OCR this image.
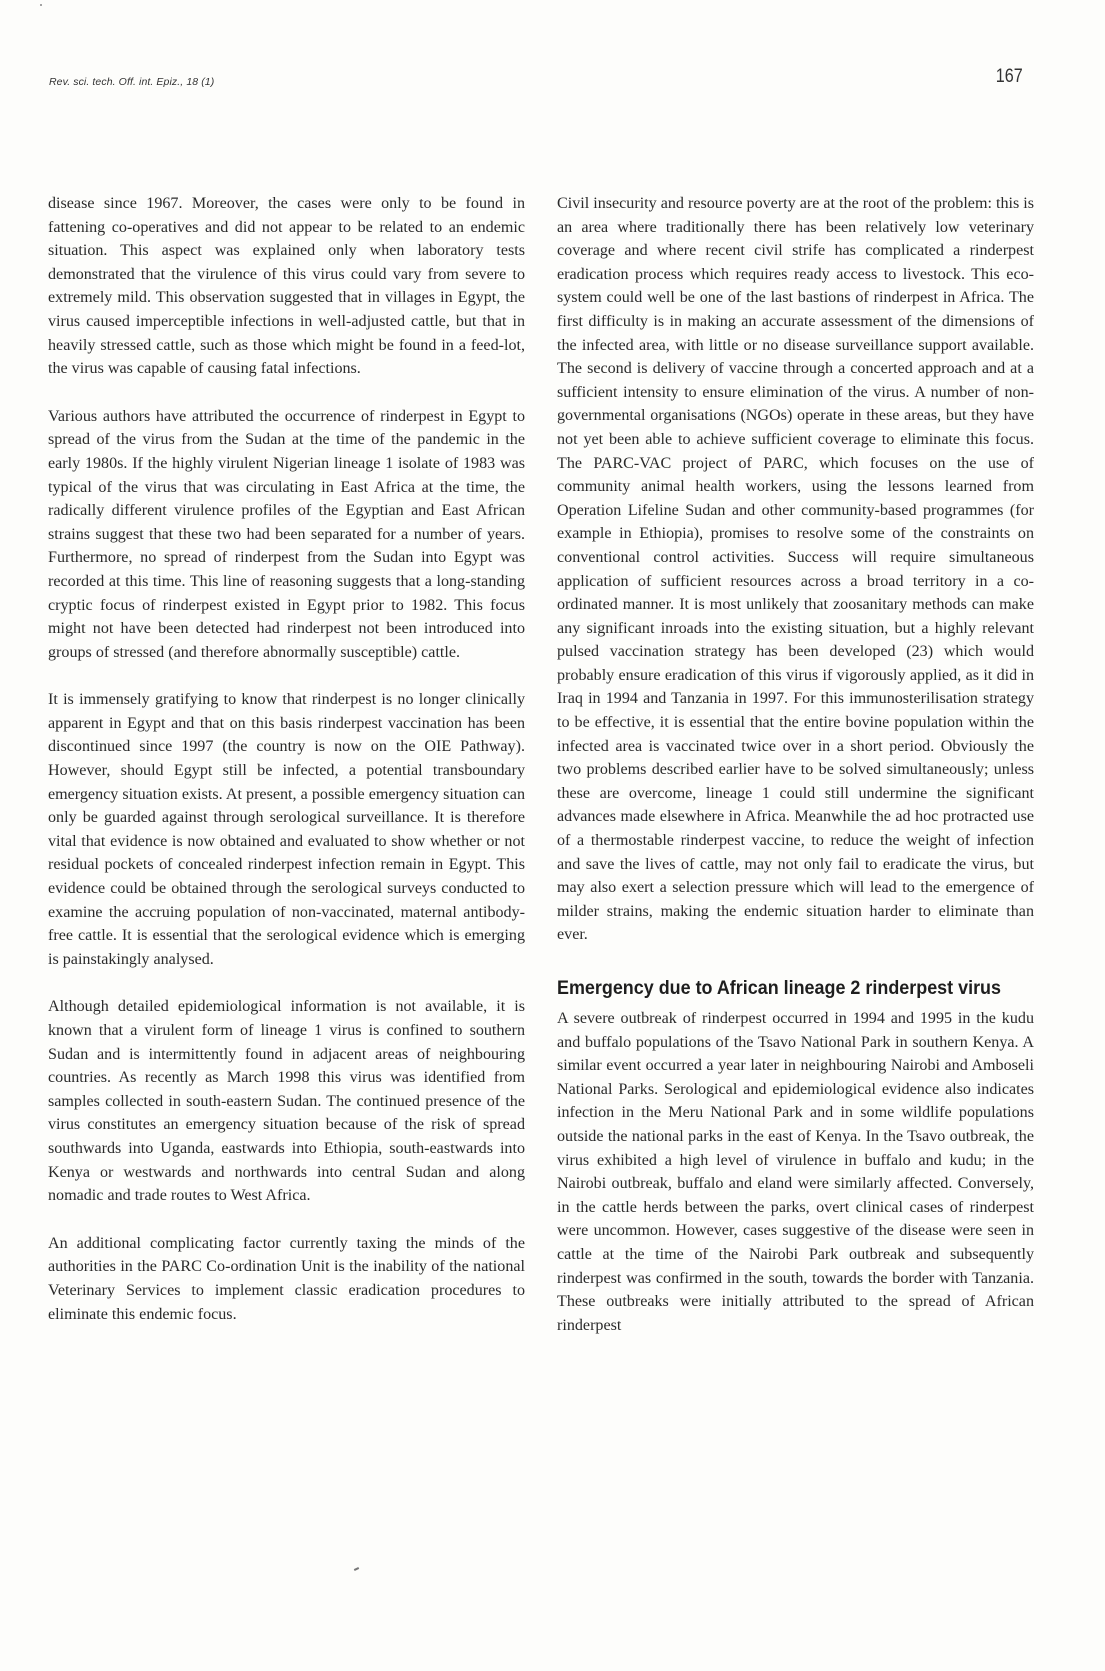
Rev. sci. tech. Off. int. Epiz., 18 (1)	167

disease since 1967. Moreover, the cases were only to be found in fattening co-operatives and did not appear to be related to an endemic situation. This aspect was explained only when laboratory tests demonstrated that the virulence of this virus could vary from severe to extremely mild. This observation suggested that in villages in Egypt, the virus caused imperceptible infections in well-adjusted cattle, but that in heavily stressed cattle, such as those which might be found in a feed-lot, the virus was capable of causing fatal infections.

Various authors have attributed the occurrence of rinderpest in Egypt to spread of the virus from the Sudan at the time of the pandemic in the early 1980s. If the highly virulent Nigerian lineage 1 isolate of 1983 was typical of the virus that was circulating in East Africa at the time, the radically different virulence profiles of the Egyptian and East African strains suggest that these two had been separated for a number of years. Furthermore, no spread of rinderpest from the Sudan into Egypt was recorded at this time. This line of reasoning suggests that a long-standing cryptic focus of rinderpest existed in Egypt prior to 1982. This focus might not have been detected had rinderpest not been introduced into groups of stressed (and therefore abnormally susceptible) cattle.

It is immensely gratifying to know that rinderpest is no longer clinically apparent in Egypt and that on this basis rinderpest vaccination has been discontinued since 1997 (the country is now on the OIE Pathway). However, should Egypt still be infected, a potential transboundary emergency situation exists. At present, a possible emergency situation can only be guarded against through serological surveillance. It is therefore vital that evidence is now obtained and evaluated to show whether or not residual pockets of concealed rinderpest infection remain in Egypt. This evidence could be obtained through the serological surveys conducted to examine the accruing population of non-vaccinated, maternal antibody-free cattle. It is essential that the serological evidence which is emerging is painstakingly analysed.

Although detailed epidemiological information is not available, it is known that a virulent form of lineage 1 virus is confined to southern Sudan and is intermittently found in adjacent areas of neighbouring countries. As recently as March 1998 this virus was identified from samples collected in south-eastern Sudan. The continued presence of the virus constitutes an emergency situation because of the risk of spread southwards into Uganda, eastwards into Ethiopia, south-eastwards into Kenya or westwards and northwards into central Sudan and along nomadic and trade routes to West Africa.

An additional complicating factor currently taxing the minds of the authorities in the PARC Co-ordination Unit is the inability of the national Veterinary Services to implement classic eradication procedures to eliminate this endemic focus.

Civil insecurity and resource poverty are at the root of the problem: this is an area where traditionally there has been relatively low veterinary coverage and where recent civil strife has complicated a rinderpest eradication process which requires ready access to livestock. This eco-system could well be one of the last bastions of rinderpest in Africa. The first difficulty is in making an accurate assessment of the dimensions of the infected area, with little or no disease surveillance support available. The second is delivery of vaccine through a concerted approach and at a sufficient intensity to ensure elimination of the virus. A number of non-governmental organisations (NGOs) operate in these areas, but they have not yet been able to achieve sufficient coverage to eliminate this focus. The PARC-VAC project of PARC, which focuses on the use of community animal health workers, using the lessons learned from Operation Lifeline Sudan and other community-based programmes (for example in Ethiopia), promises to resolve some of the constraints on conventional control activities. Success will require simultaneous application of sufficient resources across a broad territory in a co-ordinated manner. It is most unlikely that zoosanitary methods can make any significant inroads into the existing situation, but a highly relevant pulsed vaccination strategy has been developed (23) which would probably ensure eradication of this virus if vigorously applied, as it did in Iraq in 1994 and Tanzania in 1997. For this immunosterilisation strategy to be effective, it is essential that the entire bovine population within the infected area is vaccinated twice over in a short period. Obviously the two problems described earlier have to be solved simultaneously; unless these are overcome, lineage 1 could still undermine the significant advances made elsewhere in Africa. Meanwhile the ad hoc protracted use of a thermostable rinderpest vaccine, to reduce the weight of infection and save the lives of cattle, may not only fail to eradicate the virus, but may also exert a selection pressure which will lead to the emergence of milder strains, making the endemic situation harder to eliminate than ever.

Emergency due to African lineage 2 rinderpest virus

A severe outbreak of rinderpest occurred in 1994 and 1995 in the kudu and buffalo populations of the Tsavo National Park in southern Kenya. A similar event occurred a year later in neighbouring Nairobi and Amboseli National Parks. Serological and epidemiological evidence also indicates infection in the Meru National Park and in some wildlife populations outside the national parks in the east of Kenya. In the Tsavo outbreak, the virus exhibited a high level of virulence in buffalo and kudu; in the Nairobi outbreak, buffalo and eland were similarly affected. Conversely, in the cattle herds between the parks, overt clinical cases of rinderpest were uncommon. However, cases suggestive of the disease were seen in cattle at the time of the Nairobi Park outbreak and subsequently rinderpest was confirmed in the south, towards the border with Tanzania. These outbreaks were initially attributed to the spread of African rinderpest
